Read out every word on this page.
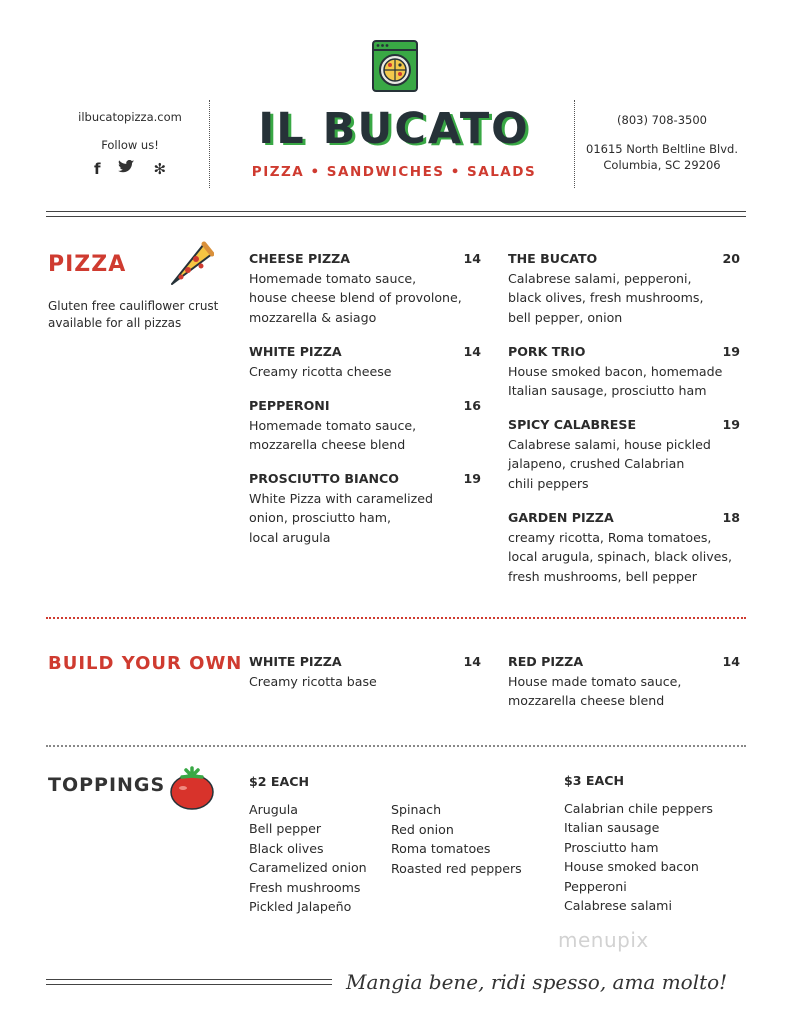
ilbucatopizza.com
Follow us!
f	✻
IL BUCATO
PIZZA • SANDWICHES • SALADS
(803) 708-3500
01615 North Beltline Blvd.
Columbia, SC 29206
PIZZA
Gluten free cauliflower crust available for all pizzas
CHEESE PIZZA	14
Homemade tomato sauce,
house cheese blend of provolone,
mozzarella & asiago
WHITE PIZZA	14
Creamy ricotta cheese
PEPPERONI	16
Homemade tomato sauce,
mozzarella cheese blend
PROSCIUTTO BIANCO	19
White Pizza with caramelized
onion, prosciutto ham,
local arugula
THE BUCATO	20
Calabrese salami, pepperoni,
black olives, fresh mushrooms,
bell pepper, onion
PORK TRIO	19
House smoked bacon, homemade
Italian sausage, prosciutto ham
SPICY CALABRESE	19
Calabrese salami, house pickled
jalapeno, crushed Calabrian
chili peppers
GARDEN PIZZA	18
creamy ricotta, Roma tomatoes,
local arugula, spinach, black olives,
fresh mushrooms, bell pepper
BUILD YOUR OWN WHITE PIZZA	14
Creamy ricotta base
RED PIZZA	14
House made tomato sauce,
mozzarella cheese blend
TOPPINGS	$2 EACH
Arugula
Bell pepper
Black olives
Caramelized onion
Fresh mushrooms
Pickled Jalapeño
Spinach
Red onion
Roma tomatoes
Roasted red peppers
$3 EACH
Calabrian chile peppers
Italian sausage
Prosciutto ham
House smoked bacon
Pepperoni
Calabrese salami
menupix
Mangia bene, ridi spesso, ama molto!
